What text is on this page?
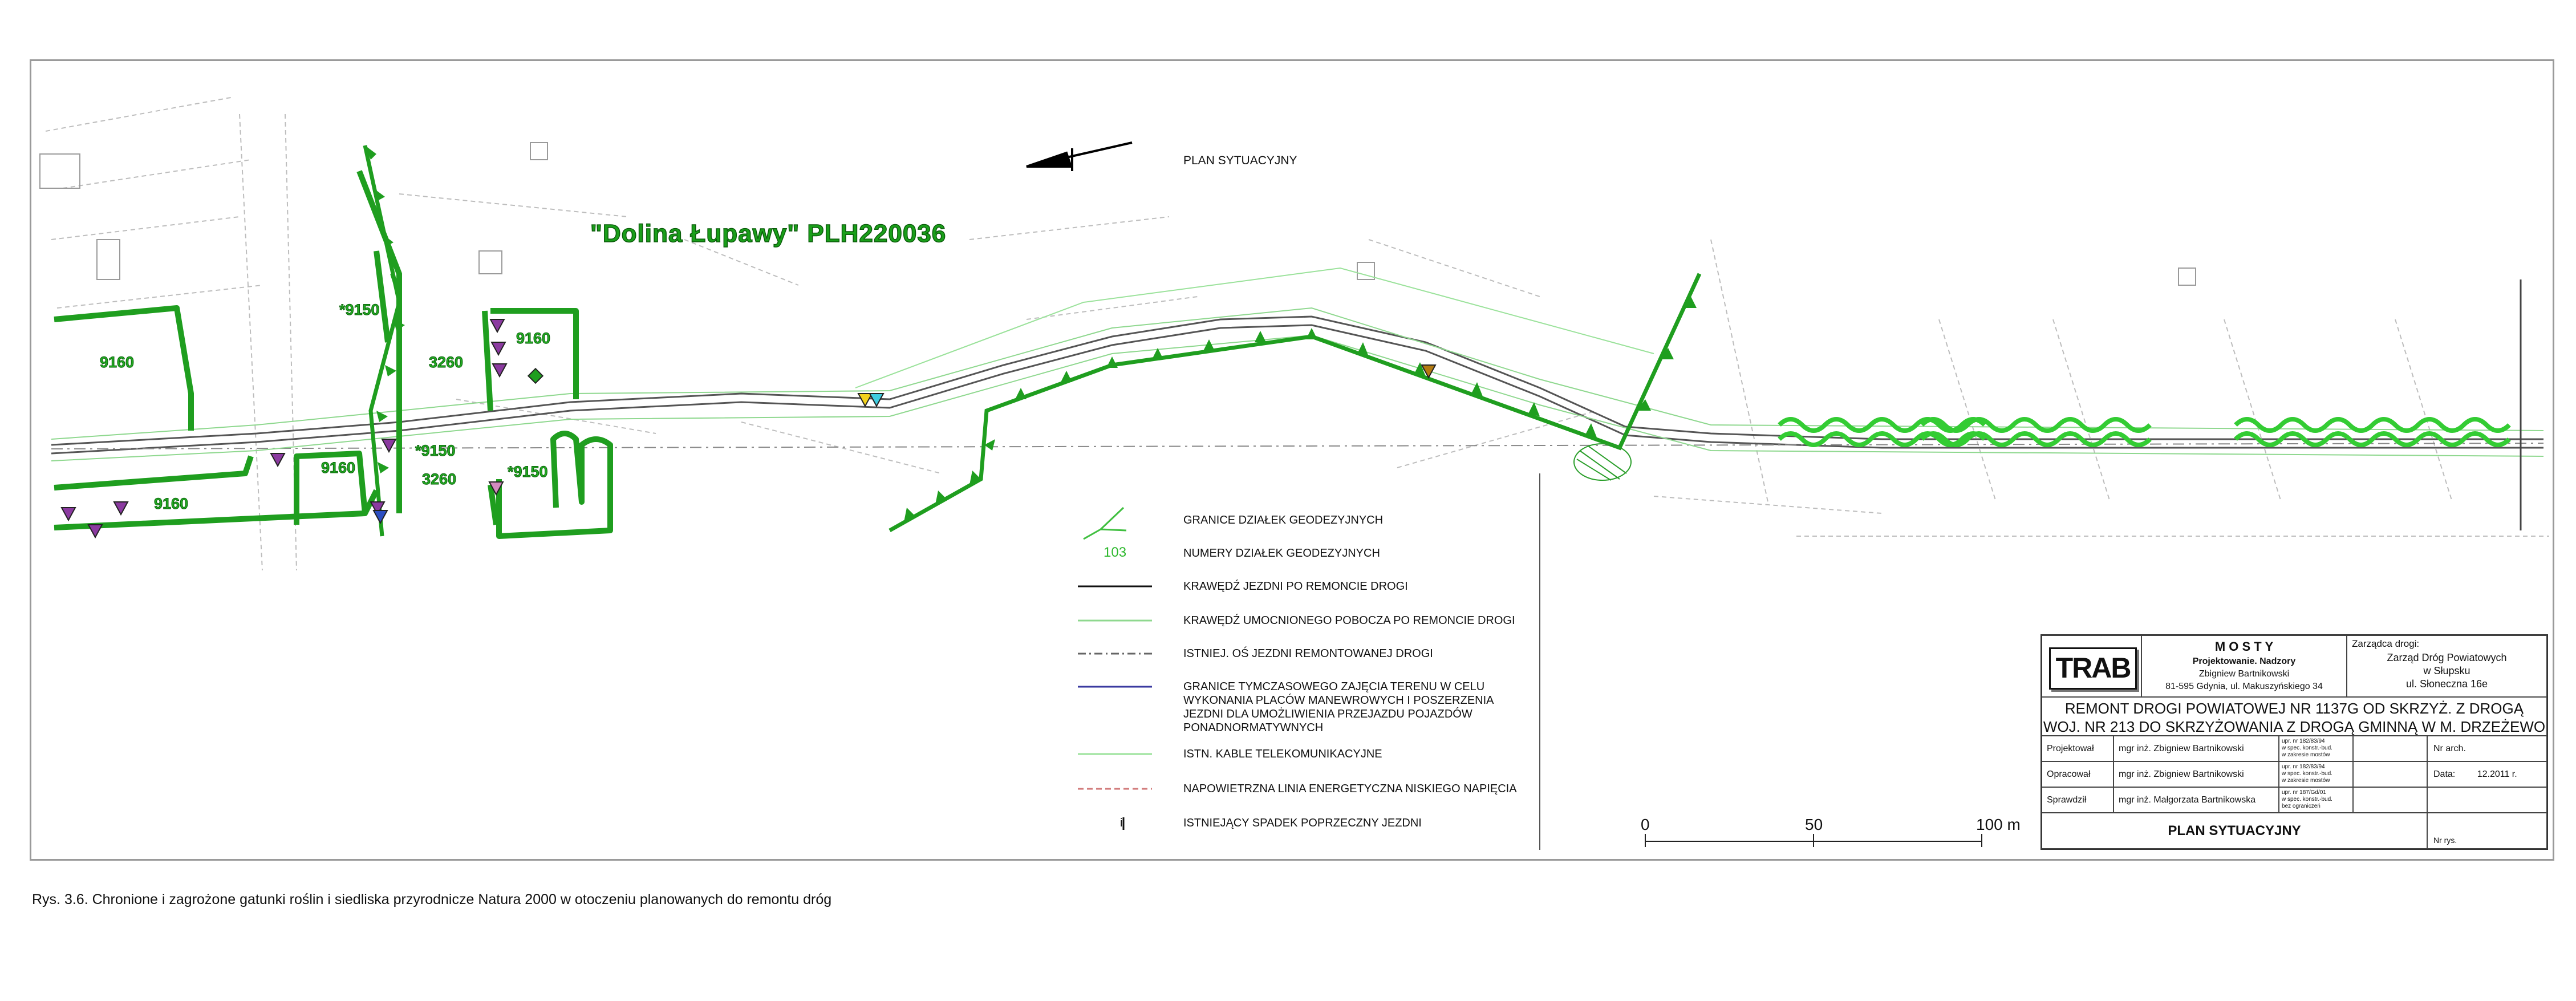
"Dolina Łupawy" PLH220036
PLAN SYTUACYJNY
9160
9160
*9150
3260
9160
9160
*9150
3260	*9150
GRANICE DZIAŁEK GEODEZYJNYCH
103	NUMERY DZIAŁEK GEODEZYJNYCH
KRAWĘDŹ JEZDNI PO REMONCIE DROGI
KRAWĘDŹ UMOCNIONEGO POBOCZA PO REMONCIE DROGI
ISTNIEJ. OŚ JEZDNI REMONTOWANEJ DROGI
GRANICE TYMCZASOWEGO ZAJĘCIA TERENU W CELU WYKONANIA PLACÓW MANEWROWYCH I POSZERZENIA JEZDNI DLA UMOŻLIWIENIA PRZEJAZDU POJAZDÓW PONADNORMATYWNYCH
ISTN. KABLE TELEKOMUNIKACYJNE
NAPOWIETRZNA LINIA ENERGETYCZNA NISKIEGO NAPIĘCIA
i	ISTNIEJĄCY SPADEK POPRZECZNY JEZDNI	0	50	100 m
TRAB
M O S T Y
Projektowanie. Nadzory
Zbigniew Bartnikowski
81-595 Gdynia, ul. Makuszyńskiego 34
Zarządca drogi:
Zarząd Dróg Powiatowych
w Słupsku
ul. Słoneczna 16e
REMONT DROGI POWIATOWEJ NR 1137G OD SKRZYŻ. Z DROGĄ
WOJ. NR 213 DO SKRZYŻOWANIA Z DROGĄ GMINNĄ W M. DRZEŻEWO
Projektował	mgr inż. Zbigniew Bartnikowski
upr. nr 182/83/94
w spec. konstr.-bud.
w zakresie mostów
Nr arch.
Opracował	mgr inż. Zbigniew Bartnikowski
upr. nr 182/83/94
w spec. konstr.-bud.
w zakresie mostów
Data: 12.2011 r.
Sprawdził	mgr inż. Małgorzata Bartnikowska
upr. nr 187/Gd/01
w spec. konstr.-bud.
bez ograniczeń
PLAN SYTUACYJNY
Nr rys.
Rys. 3.6. Chronione i zagrożone gatunki roślin i siedliska przyrodnicze Natura 2000 w otoczeniu planowanych do remontu dróg
